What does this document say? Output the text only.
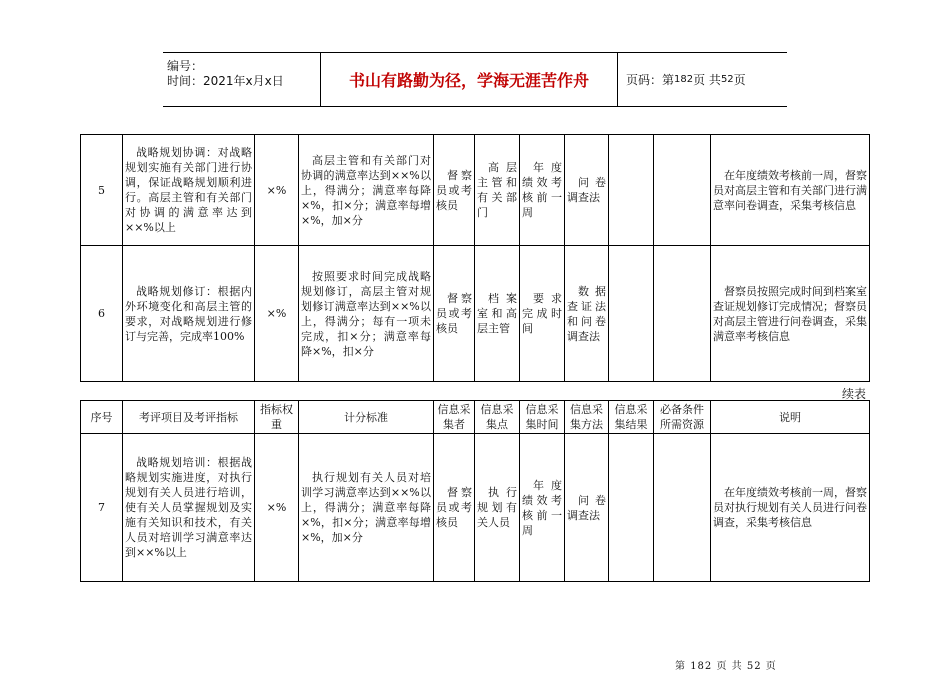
编号：
时间：2021年x月x日	书山有路勤为径，学海无涯苦作舟	页码：第 182 页 共 52 页
5	战略规划协调：对战略规划实施有关部门进行协调，保证战略规划顺利进行。高层主管和有关部门对协调的满意率达到××%以上	×%	高层主管和有关部门对协调的满意率达到××%以上，得满分；满意率每降×%，扣×分；满意率每增×%，加×分	督察员或考核员	高层主管和有关部门	年度绩效考核前一周	问卷调查法			在年度绩效考核前一周，督察员对高层主管和有关部门进行满意率问卷调查，采集考核信息
6	战略规划修订：根据内外环境变化和高层主管的要求，对战略规划进行修订与完善，完成率100%	×%	按照要求时间完成战略规划修订，高层主管对规划修订满意率达到××%以上，得满分；每有一项未完成，扣×分；满意率每降×%，扣×分	督察员或考核员	档案室和高层主管	要求完成时间	数据查证法和问卷调查法			督察员按照完成时间到档案室查证规划修订完成情况；督察员对高层主管进行问卷调查，采集满意率考核信息
续表
序号	考评项目及考评指标	指标权重	计分标准	信息采集者	信息采集点	信息采集时间	信息采集方法	信息采集结果	必备条件所需资源	说明
7	战略规划培训：根据战略规划实施进度，对执行规划有关人员进行培训，使有关人员掌握规划及实施有关知识和技术，有关人员对培训学习满意率达到××%以上	×%	执行规划有关人员对培训学习满意率达到××%以上，得满分；满意率每降×%，扣×分；满意率每增×%，加×分	督察员或考核员	执行规划有关人员	年度绩效考核前一周	问卷调查法			在年度绩效考核前一周，督察员对执行规划有关人员进行问卷调查，采集考核信息
第 182 页 共 52 页
